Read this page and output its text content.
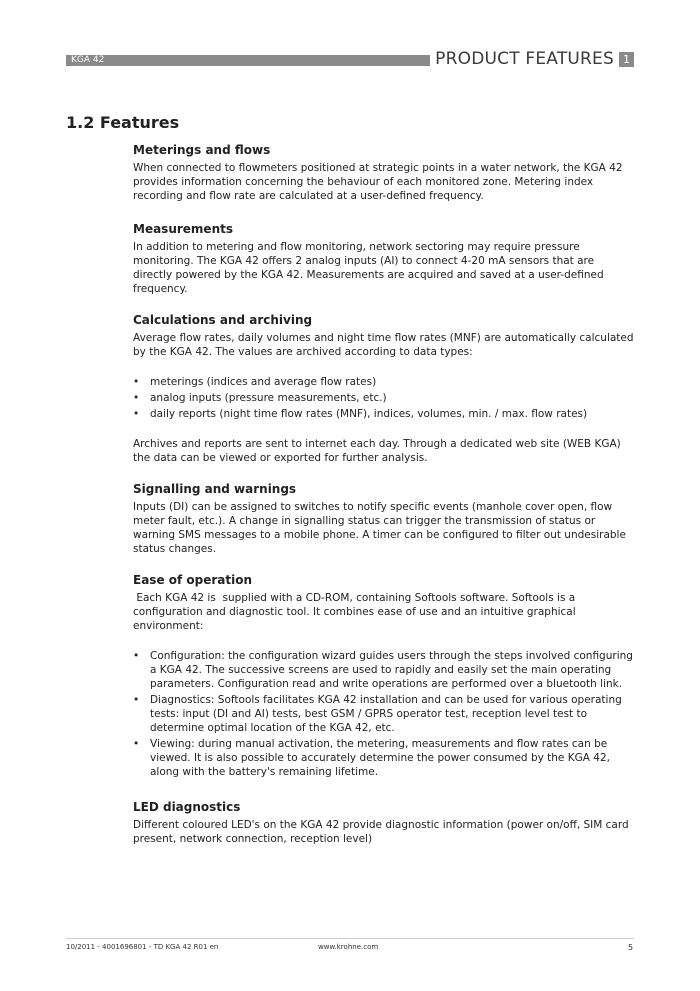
KGA 42	PRODUCT FEATURES 1
1.2 Features
Meterings and flows

When connected to flowmeters positioned at strategic points in a water network, the KGA 42 provides information concerning the behaviour of each monitored zone. Metering index recording and flow rate are calculated at a user-defined frequency.

Measurements

In addition to metering and flow monitoring, network sectoring may require pressure monitoring. The KGA 42 offers 2 analog inputs (AI) to connect 4-20 mA sensors that are directly powered by the KGA 42. Measurements are acquired and saved at a user-defined frequency.

Calculations and archiving

Average flow rates, daily volumes and night time flow rates (MNF) are automatically calculated by the KGA 42. The values are archived according to data types:

• meterings (indices and average flow rates)
• analog inputs (pressure measurements, etc.)
• daily reports (night time flow rates (MNF), indices, volumes, min. / max. flow rates)

Archives and reports are sent to internet each day. Through a dedicated web site (WEB KGA) the data can be viewed or exported for further analysis.

Signalling and warnings

Inputs (DI) can be assigned to switches to notify specific events (manhole cover open, flow meter fault, etc.). A change in signalling status can trigger the transmission of status or warning SMS messages to a mobile phone. A timer can be configured to filter out undesirable status changes.

Ease of operation

Each KGA 42 is  supplied with a CD-ROM, containing Softools software. Softools is a configuration and diagnostic tool. It combines ease of use and an intuitive graphical environment:

• Configuration: the configuration wizard guides users through the steps involved configuring a KGA 42. The successive screens are used to rapidly and easily set the main operating parameters. Configuration read and write operations are performed over a bluetooth link.
• Diagnostics: Softools facilitates KGA 42 installation and can be used for various operating tests: input (DI and AI) tests, best GSM / GPRS operator test, reception level test to determine optimal location of the KGA 42, etc.
• Viewing: during manual activation, the metering, measurements and flow rates can be viewed. It is also possible to accurately determine the power consumed by the KGA 42, along with the battery's remaining lifetime.
LED diagnostics

Different coloured LED's on the KGA 42 provide diagnostic information (power on/off, SIM card present, network connection, reception level)

10/2011 - 4001696801 - TD KGA 42 R01 en	www.krohne.com	5
